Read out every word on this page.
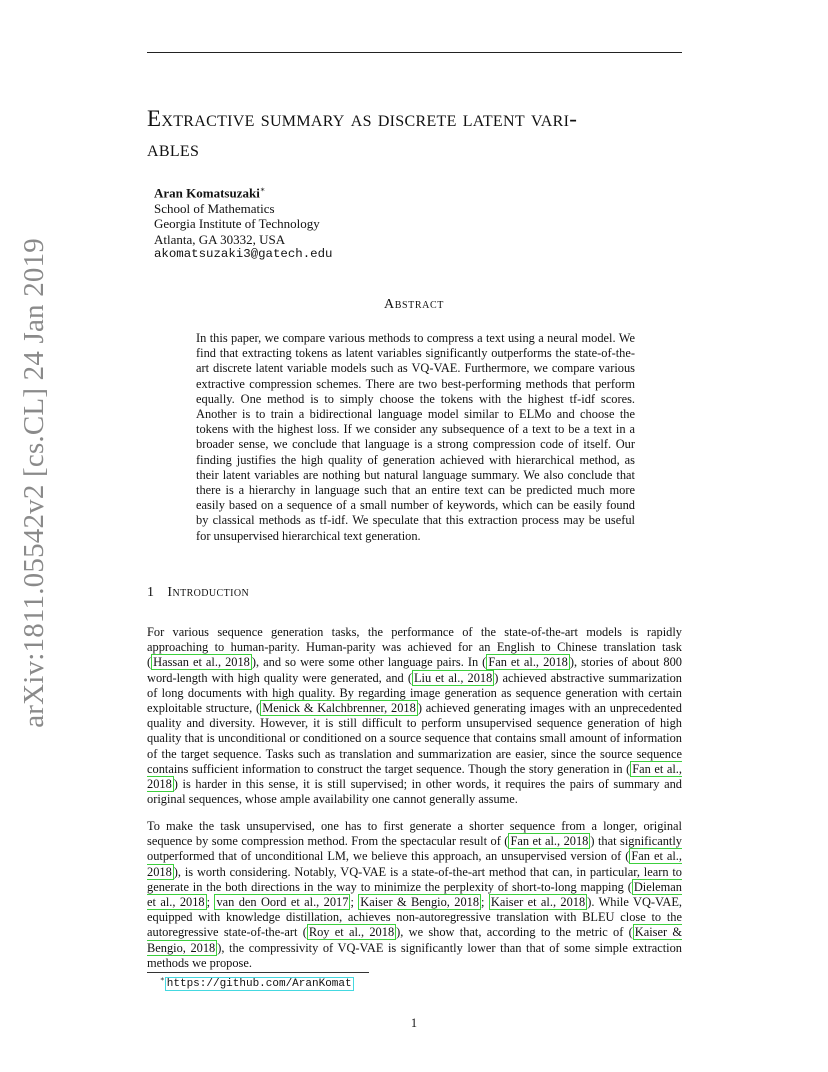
arXiv:1811.05542v2 [cs.CL] 24 Jan 2019
Extractive summary as discrete latent vari-
ables
Aran Komatsuzaki∗
School of Mathematics
Georgia Institute of Technology
Atlanta, GA 30332, USA
akomatsuzaki3@gatech.edu
Abstract
In this paper, we compare various methods to compress a text using a neural model. We find that extracting tokens as latent variables significantly outperforms the state-of-the-art discrete latent variable models such as VQ-VAE. Furthermore, we compare various extractive compression schemes. There are two best-performing methods that perform equally. One method is to simply choose the tokens with the highest tf-idf scores. Another is to train a bidirectional language model similar to ELMo and choose the tokens with the highest loss. If we consider any subsequence of a text to be a text in a broader sense, we conclude that language is a strong compression code of itself. Our finding justifies the high quality of generation achieved with hierarchical method, as their latent variables are nothing but natural language summary. We also conclude that there is a hierarchy in language such that an entire text can be predicted much more easily based on a sequence of a small number of keywords, which can be easily found by classical methods as tf-idf. We speculate that this extraction process may be useful for unsupervised hierarchical text generation.
1 Introduction
For various sequence generation tasks, the performance of the state-of-the-art models is rapidly approaching to human-parity. Human-parity was achieved for an English to Chinese translation task ( Hassan et al., 2018 ), and so were some other language pairs. In ( Fan et al., 2018 ), stories of about 800 word-length with high quality were generated, and ( Liu et al., 2018 ) achieved abstractive summarization of long documents with high quality. By regarding image generation as sequence generation with certain exploitable structure, ( Menick & Kalchbrenner, 2018 ) achieved generating images with an unprecedented quality and diversity. However, it is still difficult to perform unsupervised sequence generation of high quality that is unconditional or conditioned on a source sequence that contains small amount of information of the target sequence. Tasks such as translation and summarization are easier, since the source sequence contains sufficient information to construct the target sequence. Though the story generation in ( Fan et al., 2018 ) is harder in this sense, it is still supervised; in other words, it requires the pairs of summary and original sequences, whose ample availability one cannot generally assume.
To make the task unsupervised, one has to first generate a shorter sequence from a longer, original sequence by some compression method. From the spectacular result of ( Fan et al., 2018 ) that significantly outperformed that of unconditional LM, we believe this approach, an unsupervised version of ( Fan et al., 2018 ), is worth considering. Notably, VQ-VAE is a state-of-the-art method that can, in particular, learn to generate in the both directions in the way to minimize the perplexity of short-to-long mapping ( Dieleman et al., 2018 ; van den Oord et al., 2017 ; Kaiser & Bengio, 2018 ; Kaiser et al., 2018 ). While VQ-VAE, equipped with knowledge distillation, achieves non-autoregressive translation with BLEU close to the autoregressive state-of-the-art ( Roy et al., 2018 ), we show that, according to the metric of ( Kaiser & Bengio, 2018 ), the compressivity of VQ-VAE is significantly lower than that of some simple extraction methods we propose.
∗ https://github.com/AranKomat
1
